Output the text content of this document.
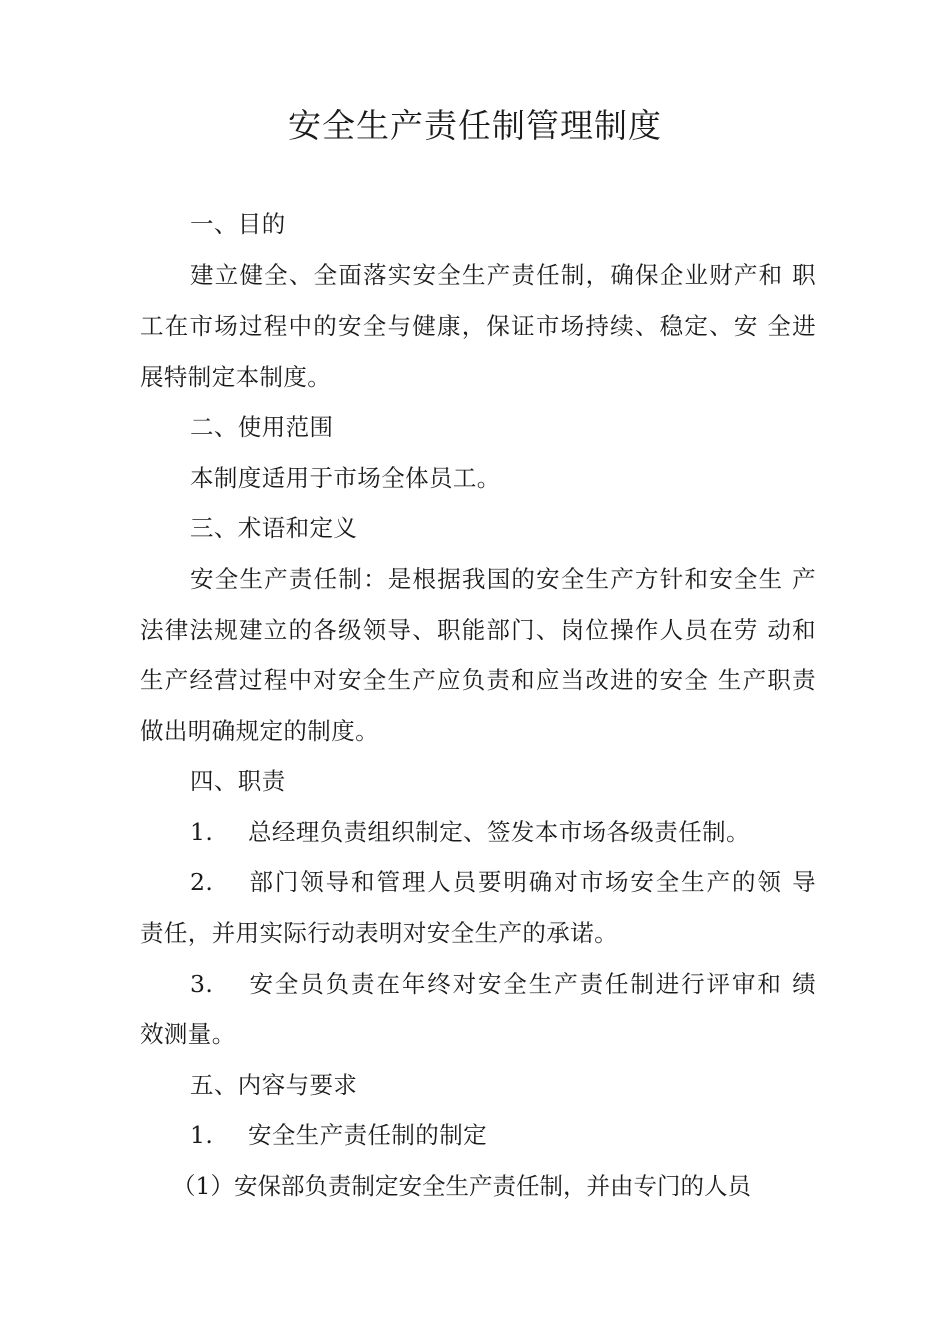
安全生产责任制管理制度
一、目的
建立健全、全面落实安全生产责任制，确保企业财产和 职
工在市场过程中的安全与健康，保证市场持续、稳定、安 全进
展特制定本制度。
二、使用范围
本制度适用于市场全体员工。
三、术语和定义
安全生产责任制：是根据我国的安全生产方针和安全生 产
法律法规建立的各级领导、职能部门、岗位操作人员在劳 动和
生产经营过程中对安全生产应负责和应当改进的安全 生产职责
做出明确规定的制度。
四、职责
1. 总经理负责组织制定、签发本市场各级责任制。
2. 部门领导和管理人员要明确对市场安全生产的领 导
责任，并用实际行动表明对安全生产的承诺。
3. 安全员负责在年终对安全生产责任制进行评审和 绩
效测量。
五、内容与要求
1. 安全生产责任制的制定
（1）安保部负责制定安全生产责任制，并由专门的人员
